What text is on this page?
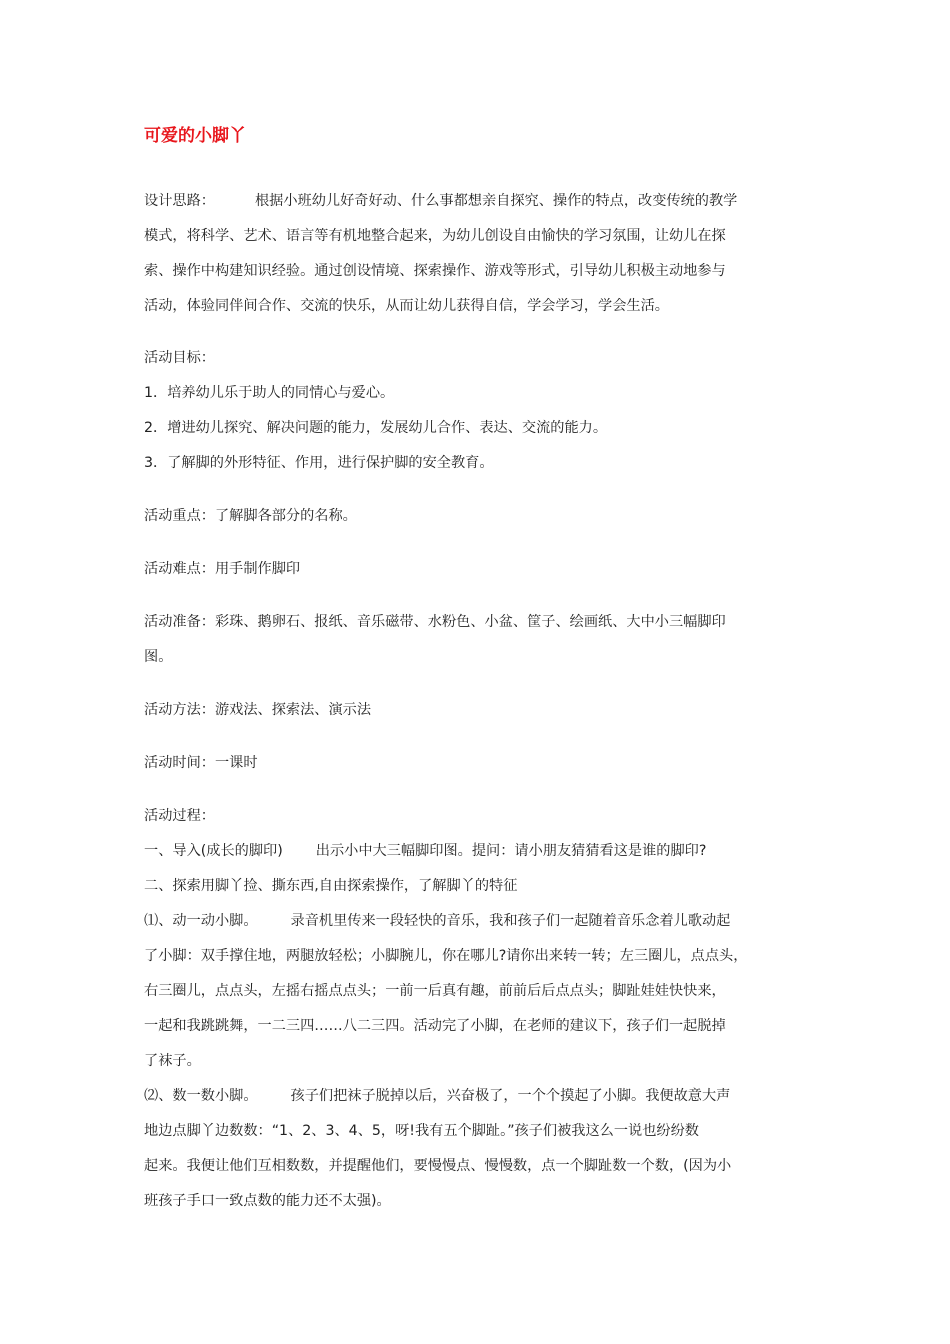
可爱的小脚丫
设计思路：	根据小班幼儿好奇好动、什么事都想亲自探究、操作的特点，改变传统的教学
模式，将科学、艺术、语言等有机地整合起来，为幼儿创设自由愉快的学习氛围，让幼儿在探
索、操作中构建知识经验。通过创设情境、探索操作、游戏等形式，引导幼儿积极主动地参与
活动，体验同伴间合作、交流的快乐，从而让幼儿获得自信，学会学习，学会生活。
活动目标：
1．培养幼儿乐于助人的同情心与爱心。
2．增进幼儿探究、解决问题的能力，发展幼儿合作、表达、交流的能力。
3．了解脚的外形特征、作用，进行保护脚的安全教育。

活动重点：了解脚各部分的名称。

活动难点：用手制作脚印

活动准备：彩珠、鹅卵石、报纸、音乐磁带、水粉色、小盆、筐子、绘画纸、大中小三幅脚印
图。

活动方法：游戏法、探索法、演示法

活动时间：一课时

活动过程：
一、导入(成长的脚印) 出示小中大三幅脚印图。提问：请小朋友猜猜看这是谁的脚印?
二、探索用脚丫捡、撕东西,自由探索操作，了解脚丫的特征
⑴、动一动小脚。 录音机里传来一段轻快的音乐，我和孩子们一起随着音乐念着儿歌动起
了小脚：双手撑住地，两腿放轻松；小脚腕儿，你在哪儿?请你出来转一转；左三圈儿，点点头，
右三圈儿，点点头，左摇右摇点点头；一前一后真有趣，前前后后点点头；脚趾娃娃快快来，
一起和我跳跳舞，一二三四……八二三四。活动完了小脚，在老师的建议下，孩子们一起脱掉
了袜子。
⑵、数一数小脚。 孩子们把袜子脱掉以后，兴奋极了，一个个摸起了小脚。我便故意大声
地边点脚丫边数数：“1、2、3、4、5，呀!我有五个脚趾。”孩子们被我这么一说也纷纷数
起来。我便让他们互相数数，并提醒他们，要慢慢点、慢慢数，点一个脚趾数一个数，(因为小
班孩子手口一致点数的能力还不太强)。
